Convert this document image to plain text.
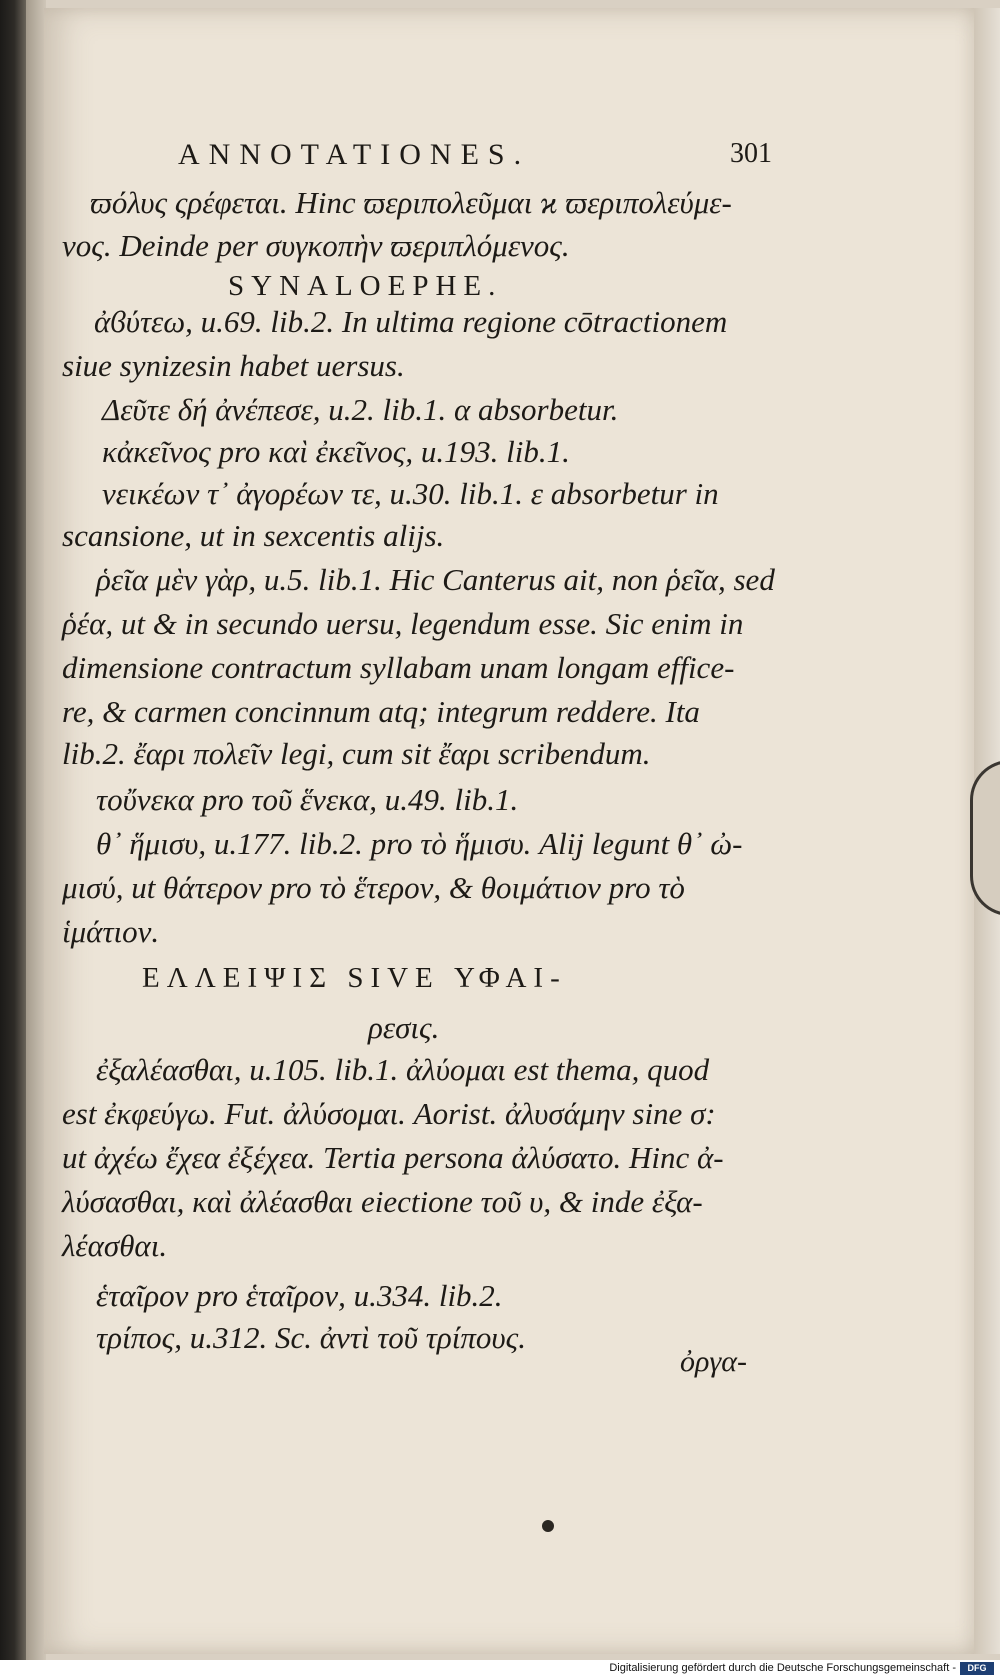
ANNOTATIONES.	301
ϖόλυς ςρέφεται. Hinc ϖεριπολεῦμαι ϰ ϖεριπολεύμε-
νος. Deinde per συγκοπὴν ϖεριπλόμενος.
SYNALOEPHE.
ἀϐύτεω, u.69. lib.2. In ultima regione cōtractionem
siue synizesin habet uersus.
Δεῦτε δή ἀνέπεσε, u.2. lib.1. α absorbetur.
κἀκεῖνος pro καὶ ἐκεῖνος, u.193. lib.1.
νεικέων τ᾽ ἀγορέων τε, u.30. lib.1. ε absorbetur in
scansione, ut in sexcentis alijs.
ῥεῖα μὲν γὰρ, u.5. lib.1. Hic Canterus ait, non ῥεῖα, sed
ῥέα, ut & in secundo uersu, legendum esse. Sic enim in
dimensione contractum syllabam unam longam effice-
re, & carmen concinnum atq; integrum reddere. Ita
lib.2. ἔαρι πολεῖν legi, cum sit ἔαρι scribendum.
τοὔνεκα pro τοῦ ἕνεκα, u.49. lib.1.
θ᾽ ἥμισυ, u.177. lib.2. pro τὸ ἥμισυ. Alij legunt θ᾽ ὠ-
μισύ, ut θάτερον pro τὸ ἕτερον, & θοιμάτιον pro τὸ
ἱμάτιον.
ΕΛΛΕΙΨΙΣ SIVE ΥΦΑΙ-
ρεσις.
ἐξαλέασθαι, u.105. lib.1. ἀλύομαι est thema, quod
est ἐκφεύγω. Fut. ἀλύσομαι. Aorist. ἀλυσάμην sine σ:
ut ἀχέω ἔχεα ἐξέχεα. Tertia persona ἀλύσατο. Hinc ἀ-
λύσασθαι, καὶ ἀλέασθαι eiectione τοῦ υ, & inde ἐξα-
λέασθαι.
ἑταῖρον pro ἑταῖρον, u.334. lib.2.
τρίπος, u.312. Sc. ἀντὶ τοῦ τρίπους.
ὀργα-
Digitalisierung gefördert durch die Deutsche Forschungsgemeinschaft -	DFG
